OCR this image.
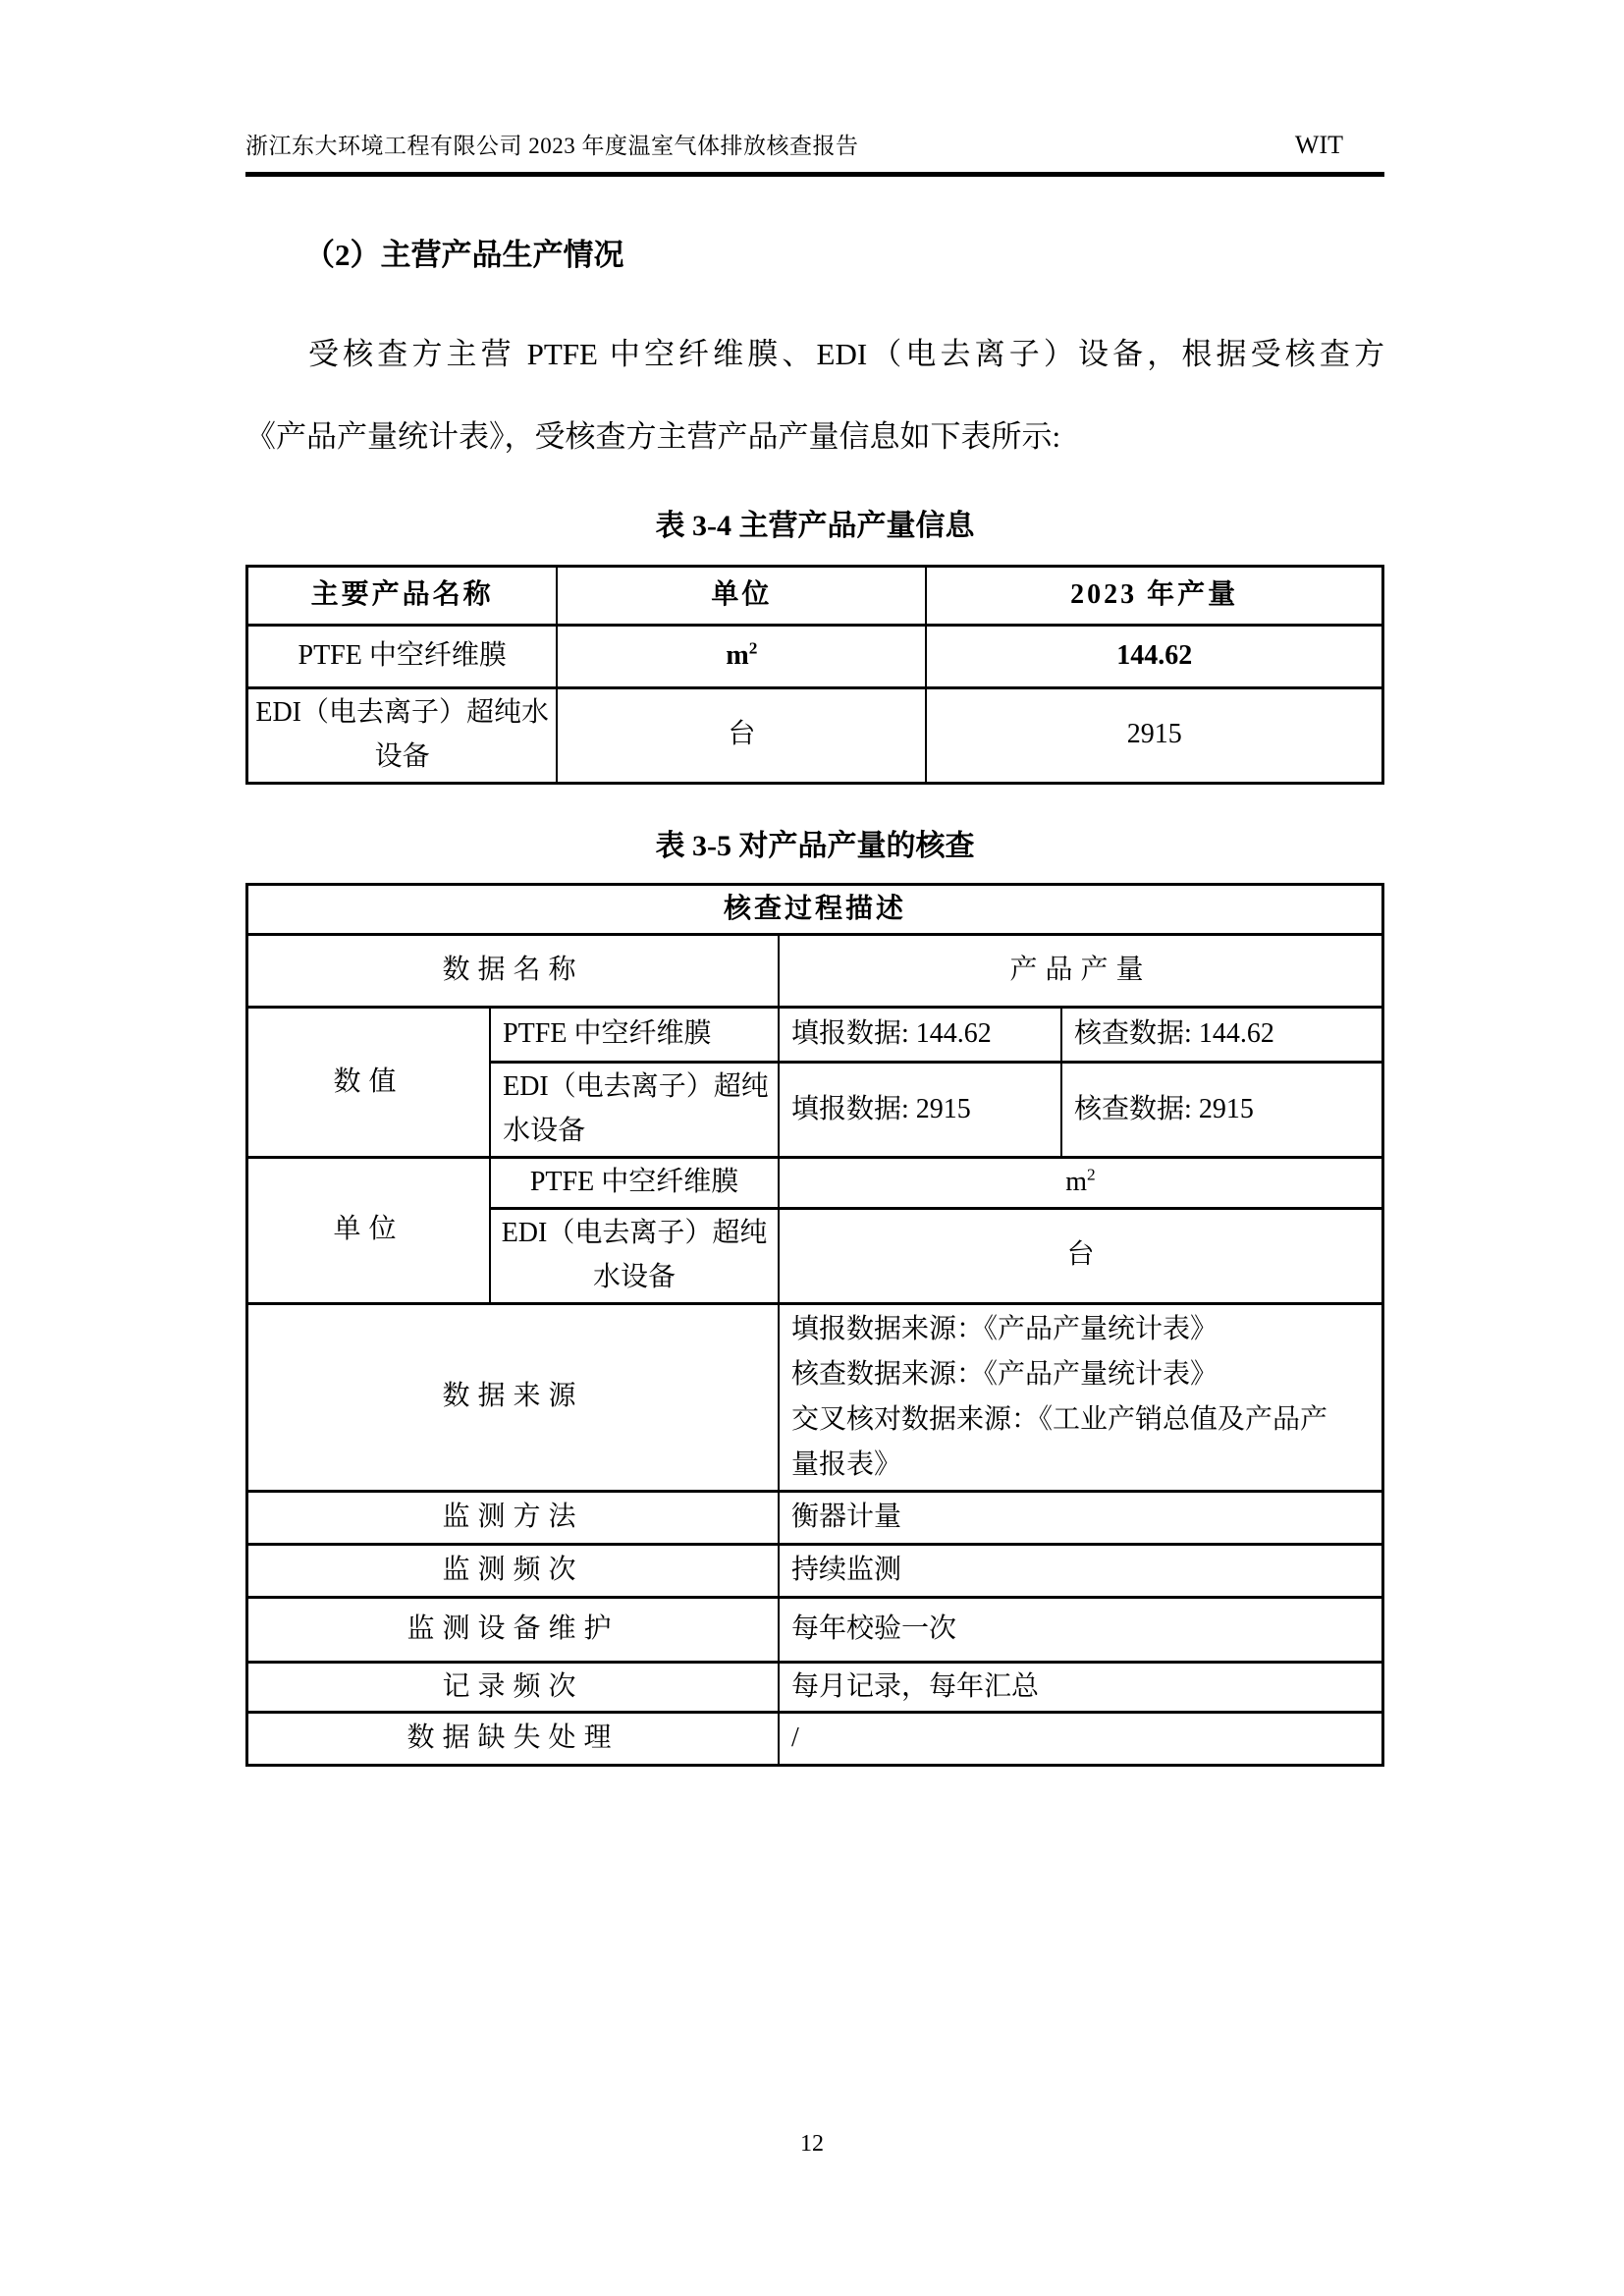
浙江东大环境工程有限公司 2023 年度温室气体排放核查报告	WIT
（2）主营产品生产情况
受核查方主营 PTFE 中空纤维膜、EDI（电去离子）设备，根据受核查方
《产品产量统计表》，受核查方主营产品产量信息如下表所示:
表 3-4 主营产品产量信息
主要产品名称	单位	2023 年产量
PTFE 中空纤维膜	$m^2$	144.62
EDI（电去离子）超纯水设备	台	2915
表 3-5 对产品产量的核查
核查过程描述			
数据名称		产品产量	
数值	PTFE 中空纤维膜	填报数据: 144.62	核查数据: 144.62
	EDI（电去离子）超纯水设备	填报数据: 2915	核查数据: 2915
单位	PTFE 中空纤维膜	$m^2$
	EDI（电去离子）超纯水设备	台	
数据来源		填报数据来源：《产品产量统计表》
核查数据来源：《产品产量统计表》
交叉核对数据来源：《工业产销总值及产品产量报表》	

监测方法		衡器计量	
监测频次		持续监测	
监测设备维护		每年校验一次	
记录频次		每月记录，每年汇总	
数据缺失处理		/	
12
